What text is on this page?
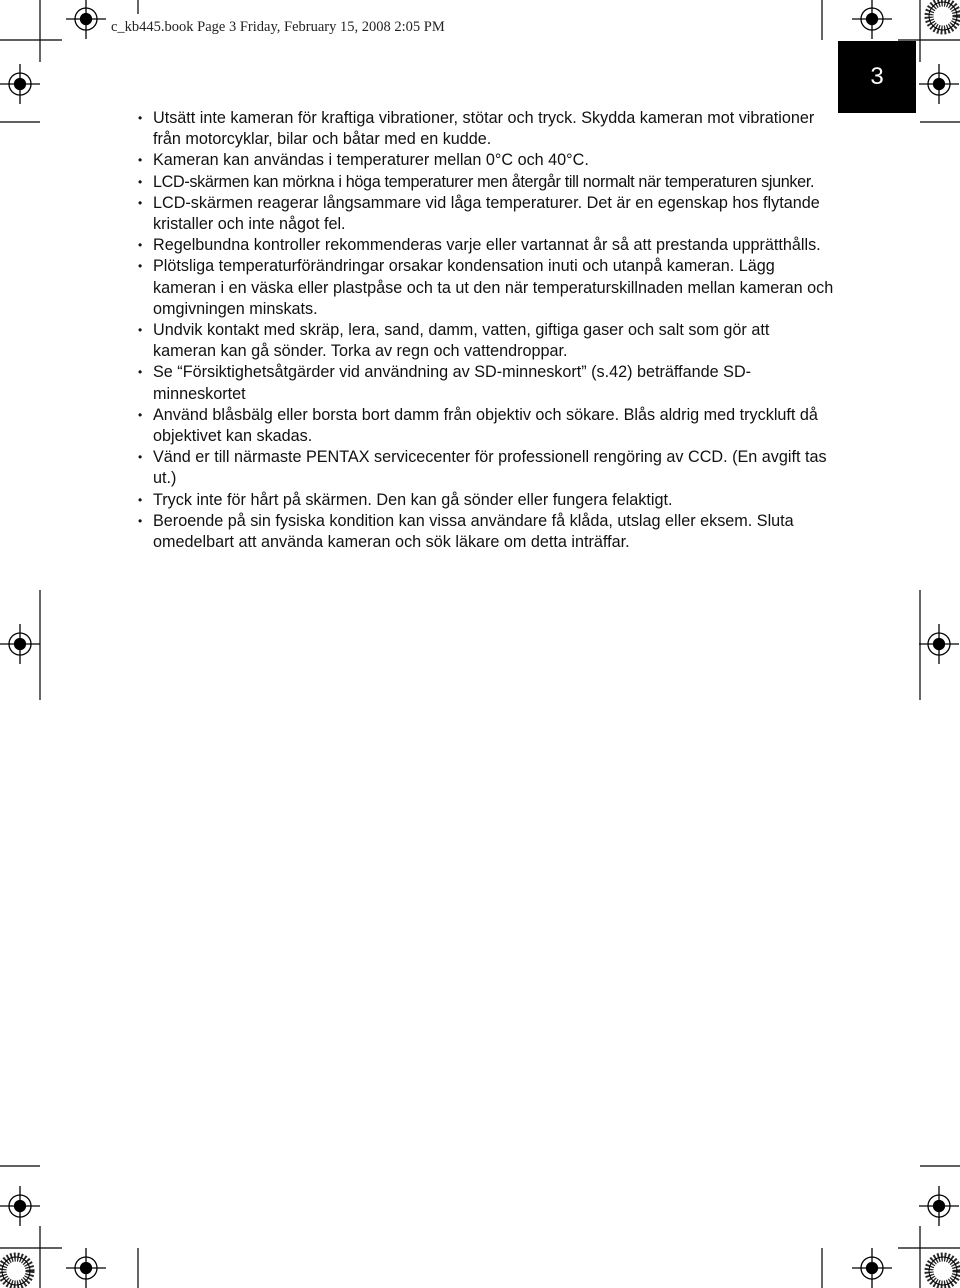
c_kb445.book Page 3 Friday, February 15, 2008 2:05 PM
3
• Utsätt inte kameran för kraftiga vibrationer, stötar och tryck. Skydda kameran mot vibrationer från motorcyklar, bilar och båtar med en kudde.
• Kameran kan användas i temperaturer mellan 0°C och 40°C.
• LCD-skärmen kan mörkna i höga temperaturer men återgår till normalt när temperaturen sjunker.
• LCD-skärmen reagerar långsammare vid låga temperaturer. Det är en egenskap hos flytande kristaller och inte något fel.
• Regelbundna kontroller rekommenderas varje eller vartannat år så att prestanda upprätthålls.
• Plötsliga temperaturförändringar orsakar kondensation inuti och utanpå kameran. Lägg kameran i en väska eller plastpåse och ta ut den när temperaturskillnaden mellan kameran och omgivningen minskats.
• Undvik kontakt med skräp, lera, sand, damm, vatten, giftiga gaser och salt som gör att kameran kan gå sönder. Torka av regn och vattendroppar.
• Se “Försiktighetsåtgärder vid användning av SD-minneskort” (s.42) beträffande SD-minneskortet
• Använd blåsbälg eller borsta bort damm från objektiv och sökare. Blås aldrig med tryckluft då objektivet kan skadas.
• Vänd er till närmaste PENTAX servicecenter för professionell rengöring av CCD. (En avgift tas ut.)
• Tryck inte för hårt på skärmen. Den kan gå sönder eller fungera felaktigt.
• Beroende på sin fysiska kondition kan vissa användare få klåda, utslag eller eksem. Sluta omedelbart att använda kameran och sök läkare om detta inträffar.
